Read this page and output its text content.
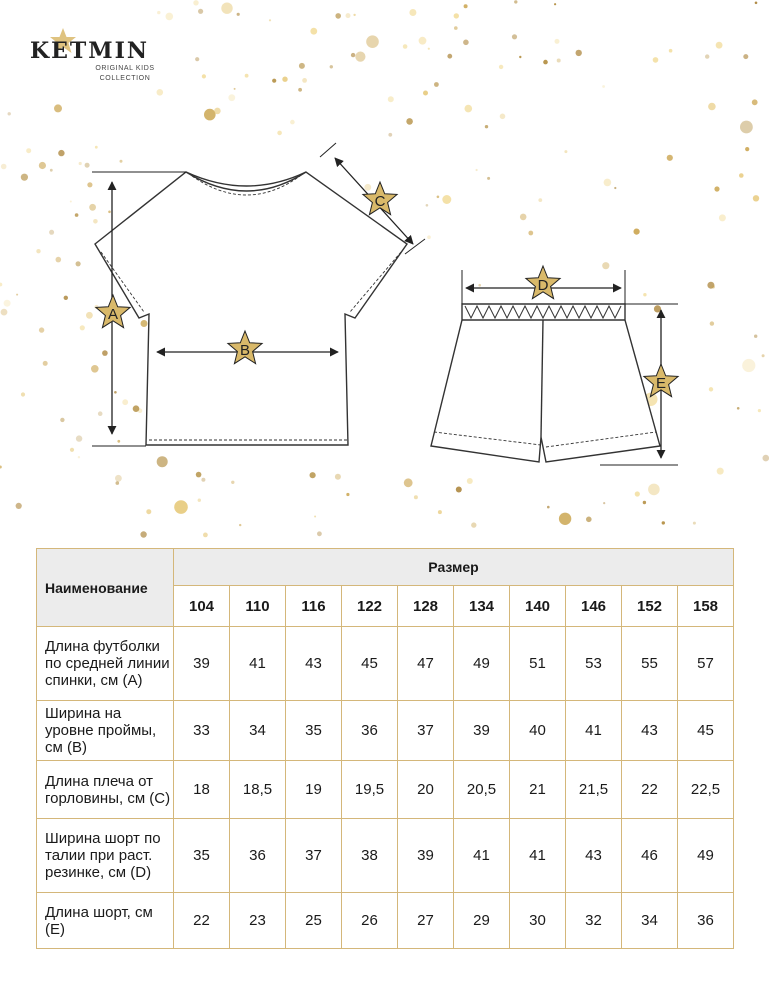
KETMIN
ORIGINAL KIDS
COLLECTION
A
B
C
D
E
Наименование	Размер									
	104	110	116	122	128	134	140	146	152	158
Длина футболки по средней линии спинки, см (А)	39	41	43	45	47	49	51	53	55	57
Ширина на уровне проймы, см (В)	33	34	35	36	37	39	40	41	43	45
Длина плеча от горловины, см (С)	18	18,5	19	19,5	20	20,5	21	21,5	22	22,5
Ширина шорт по талии при раст. резинке, см (D)	35	36	37	38	39	41	41	43	46	49
Длина шорт, см (Е)	22	23	25	26	27	29	30	32	34	36
